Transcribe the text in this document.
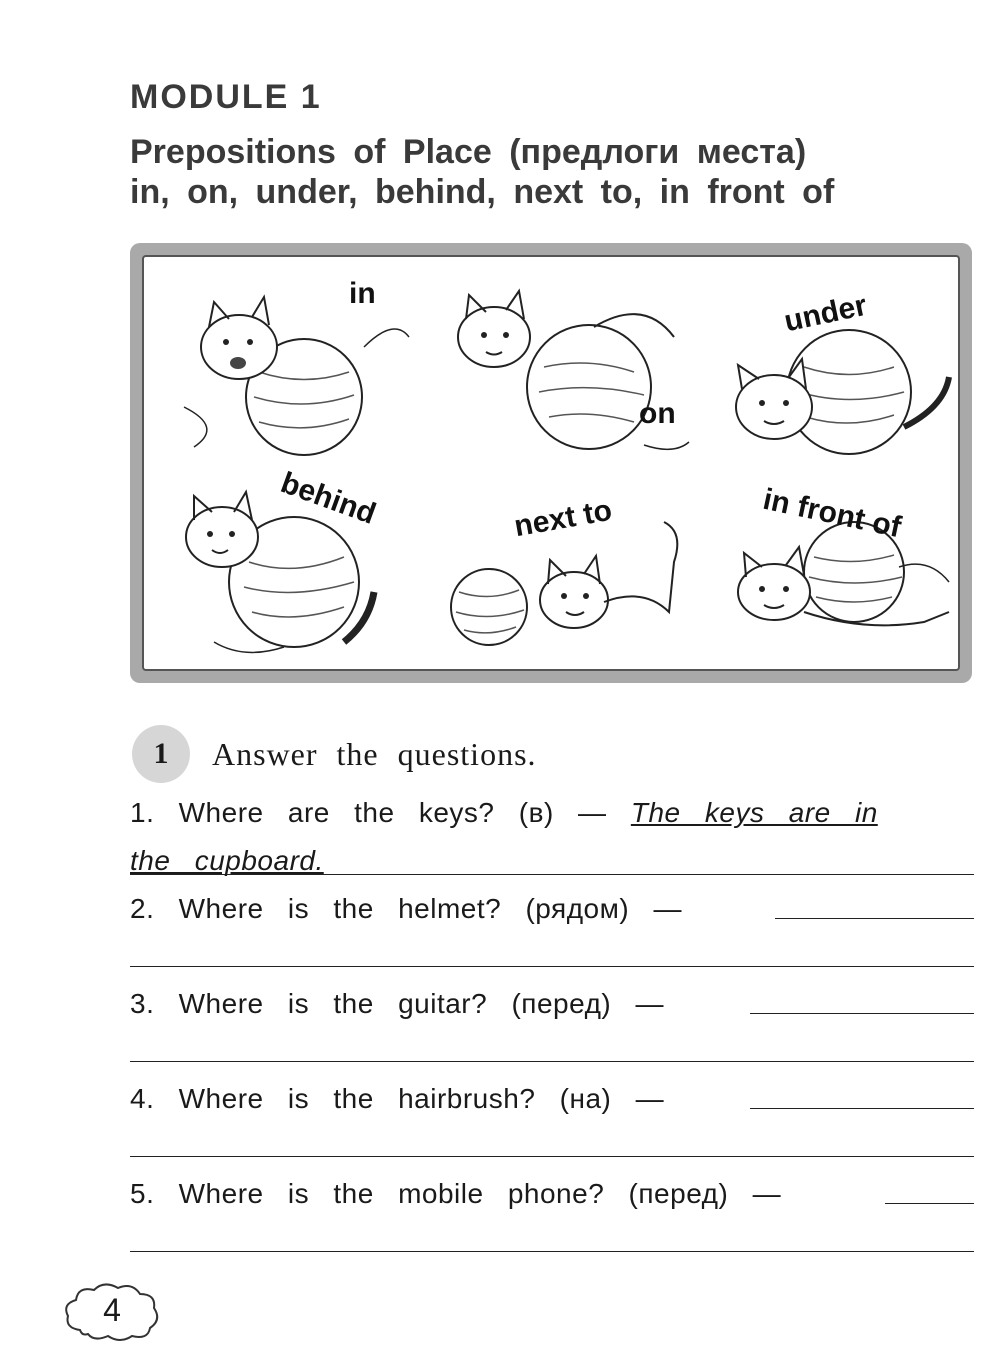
MODULE 1
Prepositions of Place (предлоги места)
in, on, under, behind, next to, in front of
in
on
under
behind	next to	in front of
1	Answer the questions.
1. Where are the keys? (в) — The keys are in
the cupboard.
2. Where is the helmet? (рядом) —
3. Where is the guitar? (перед) —
4. Where is the hairbrush? (на) —
5. Where is the mobile phone? (перед) —
4
